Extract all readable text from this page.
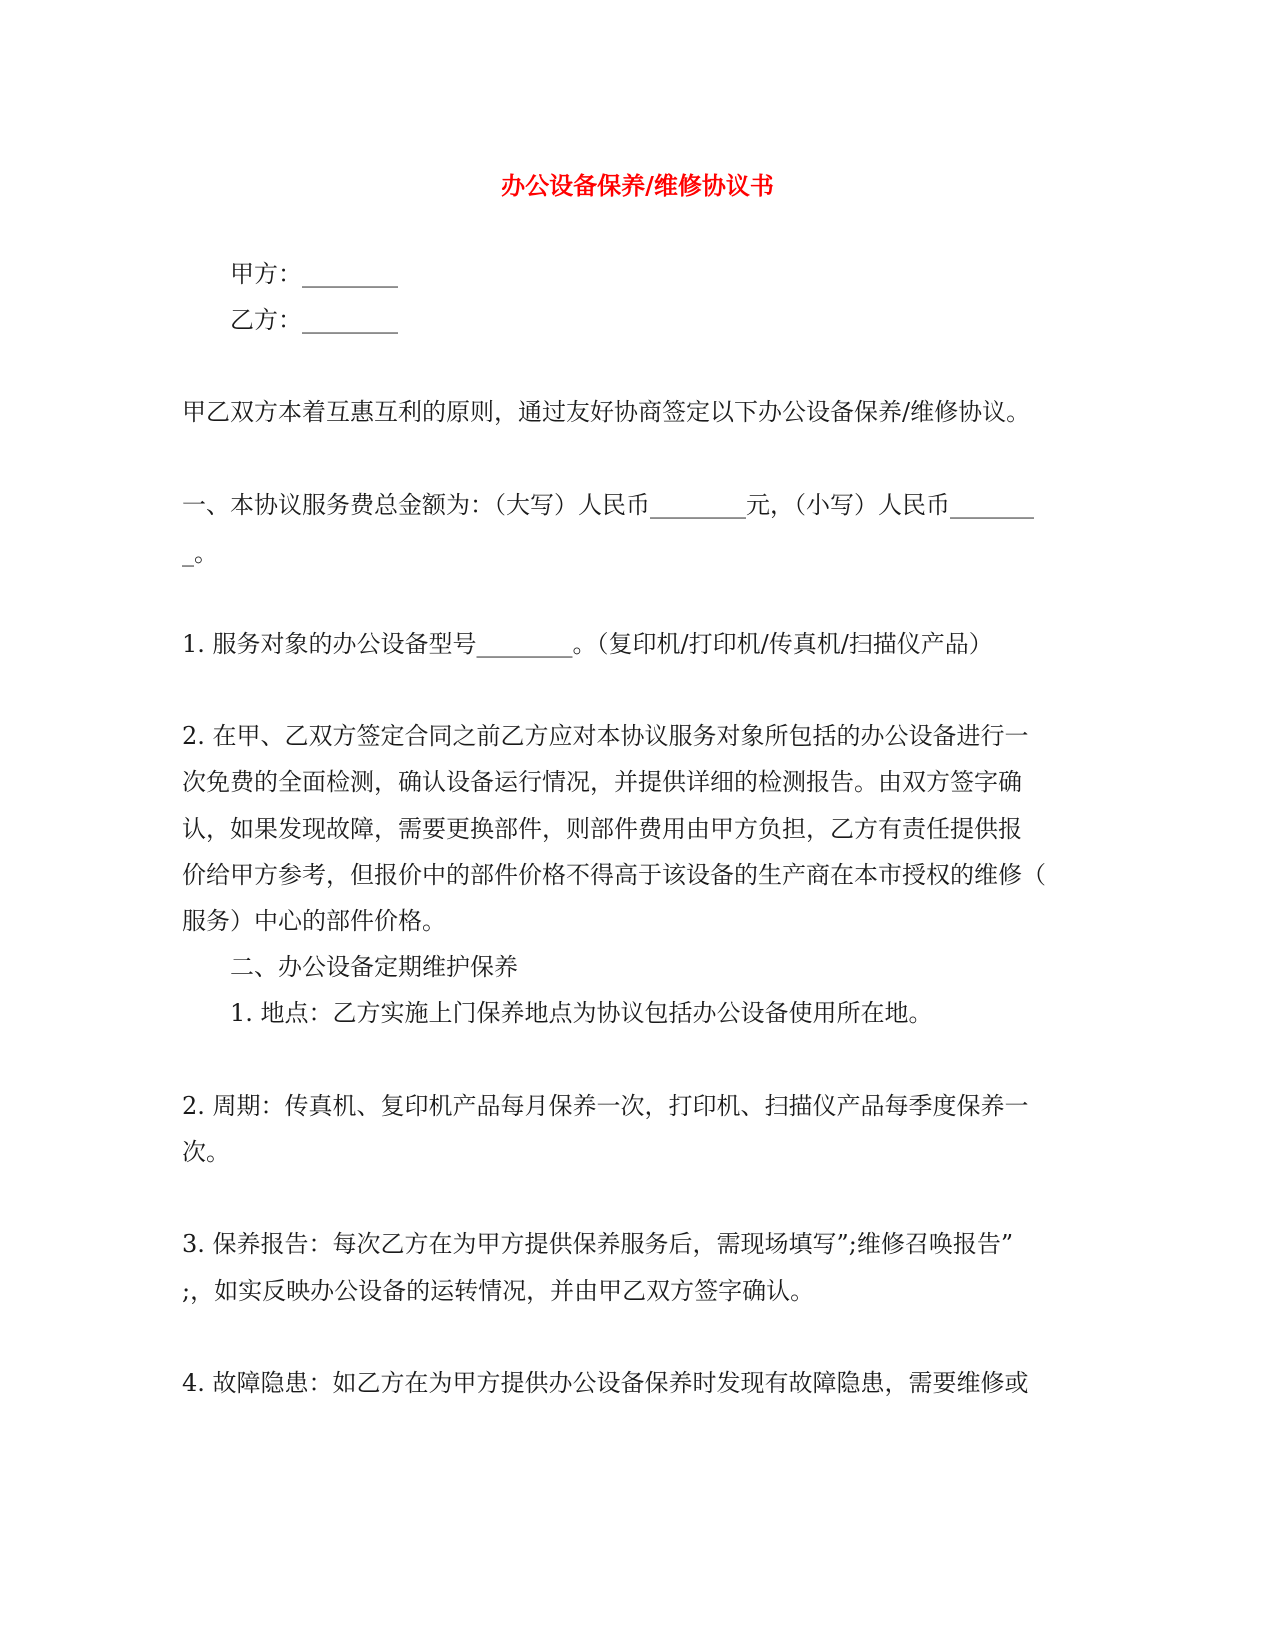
办公设备保养/维修协议书

甲方：________

乙方：________

甲乙双方本着互惠互利的原则，通过友好协商签定以下办公设备保养/维修协议。

一、本协议服务费总金额为：（大写）人民币________元，（小写）人民币_______

_。

1. 服务对象的办公设备型号________。（复印机/打印机/传真机/扫描仪产品）

2. 在甲、乙双方签定合同之前乙方应对本协议服务对象所包括的办公设备进行一

次免费的全面检测，确认设备运行情况，并提供详细的检测报告。由双方签字确

认，如果发现故障，需要更换部件，则部件费用由甲方负担，乙方有责任提供报

价给甲方参考，但报价中的部件价格不得高于该设备的生产商在本市授权的维修（

服务）中心的部件价格。

二、办公设备定期维护保养

1. 地点：乙方实施上门保养地点为协议包括办公设备使用所在地。

2. 周期：传真机、复印机产品每月保养一次，打印机、扫描仪产品每季度保养一

次。

3. 保养报告：每次乙方在为甲方提供保养服务后，需现场填写”;维修召唤报告”

;，如实反映办公设备的运转情况，并由甲乙双方签字确认。

4. 故障隐患：如乙方在为甲方提供办公设备保养时发现有故障隐患，需要维修或
